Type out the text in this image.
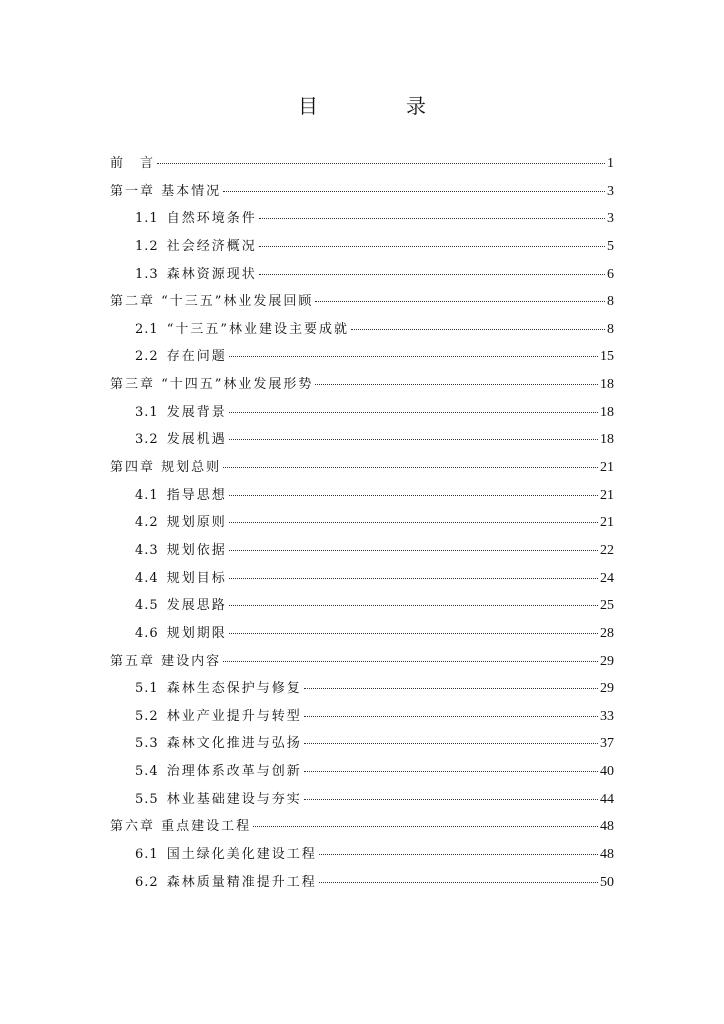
目　录
前　言	1
第一章 基本情况	3
1.1 自然环境条件	3
1.2 社会经济概况	5
1.3 森林资源现状	6
第二章 “十三五”林业发展回顾	8
2.1 “十三五”林业建设主要成就	8
2.2 存在问题	15
第三章 “十四五”林业发展形势	18
3.1 发展背景	18
3.2 发展机遇	18
第四章 规划总则	21
4.1 指导思想	21
4.2 规划原则	21
4.3 规划依据	22
4.4 规划目标	24
4.5 发展思路	25
4.6 规划期限	28
第五章 建设内容	29
5.1 森林生态保护与修复	29
5.2 林业产业提升与转型	33
5.3 森林文化推进与弘扬	37
5.4 治理体系改革与创新	40
5.5 林业基础建设与夯实	44
第六章 重点建设工程	48
6.1 国土绿化美化建设工程	48
6.2 森林质量精准提升工程	50
